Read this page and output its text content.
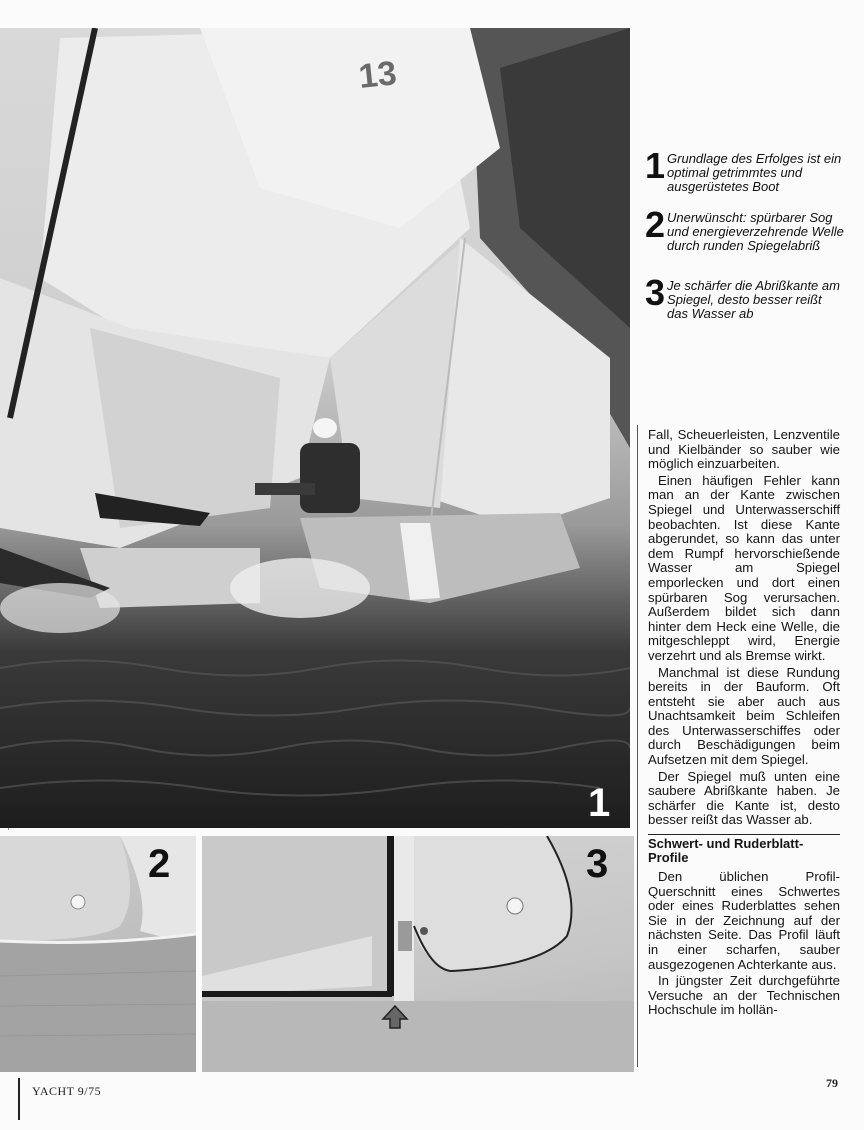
13
1
2	3
1 Grundlage des Erfolges ist ein optimal getrimmtes und ausgerüstetes Boot
2 Unerwünscht: spürbarer Sog und energieverzehrende Welle durch runden Spiegelabriß
3 Je schärfer die Abrißkante am Spiegel, desto besser reißt das Wasser ab

Fall, Scheuerleisten, Lenzventile und Kielbänder so sauber wie möglich einzuarbeiten.

Einen häufigen Fehler kann man an der Kante zwischen Spiegel und Unterwasserschiff beobachten. Ist diese Kante abgerundet, so kann das unter dem Rumpf hervorschießende Wasser am Spiegel emporlecken und dort einen spürbaren Sog verursachen. Außerdem bildet sich dann hinter dem Heck eine Welle, die mitgeschleppt wird, Energie verzehrt und als Bremse wirkt.

Manchmal ist diese Rundung bereits in der Bauform. Oft entsteht sie aber auch aus Unachtsamkeit beim Schleifen des Unterwasserschiffes oder durch Beschädigungen beim Aufsetzen mit dem Spiegel.

Der Spiegel muß unten eine saubere Abrißkante haben. Je schärfer die Kante ist, desto besser reißt das Wasser ab.

Schwert- und Ruderblatt-Profile

Den üblichen Profil-Querschnitt eines Schwertes oder eines Ruderblattes sehen Sie in der Zeichnung auf der nächsten Seite. Das Profil läuft in einer scharfen, sauber ausgezogenen Achterkante aus.

In jüngster Zeit durchgeführte Versuche an der Technischen Hochschule im hollän-

YACHT 9/75
79
